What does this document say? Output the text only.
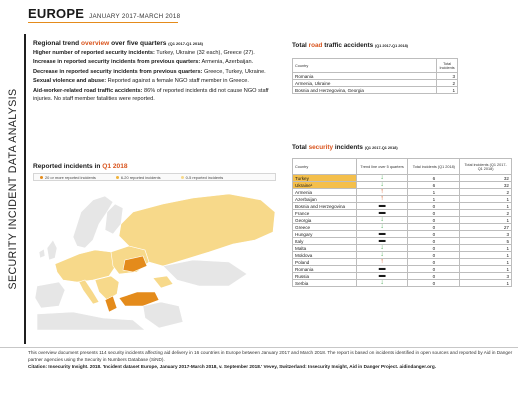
EUROPE JANUARY 2017-MARCH 2018
SECURITY INCIDENT DATA ANALYSIS
Regional trend overview over five quarters (Q1 2017-Q1 2018)
Higher number of reported security incidents: Turkey, Ukraine (32 each), Greece (27).
Increase in reported security incidents from previous quarters: Armenia, Azerbaijan.
Decrease in reported security incidents from previous quarters: Greece, Turkey, Ukraine.
Sexual violence and abuse: Reported against a female NGO staff member in Greece.
Aid-worker-related road traffic accidents: 86% of reported incidents did not cause NGO staff injuries. No staff member fatalities were reported.
Reported incidents in Q1 2018
20 or more reported incidents	6-20 reported incidents	0-5 reported incidents
Total road traffic accidents (Q1 2017-Q1 2018)
Country	Total Incidents
Romania	3
Armenia, Ukraine	2
Bosnia and Herzegovina, Georgia	1
Total security incidents (Q1 2017-Q1 2018)
Country	Trend line over 5 quarters	Total incidents (Q1 2018)	Total incidents (Q1 2017-Q1 2018)
Turkey	↓	6	32
Ukraine¹	↓	6	32
Armenia	↑	1	2
Azerbaijan	↑	1	1
Bosnia and Herzegovina	▬	0	1
France	▬	0	2
Georgia	↓	0	1
Greece	↓	0	27
Hungary	▬	0	3
Italy	▬	0	5
Malta	↓	0	1
Moldova	↓	0	1
Poland	↑	0	1
Romania	▬	0	1
Russia	▬	0	3
Serbia	↓	0	1
This overview document presents 114 security incidents affecting aid delivery in 16 countries in Europe between January 2017 and March 2018. The report is based on incidents identified in open sources and reported by Aid in Danger partner agencies using the Security in Numbers Database (SiND).
Citation: Insecurity Insight. 2018. 'Incident dataset Europe, January 2017-March 2018, v. September 2018.' Vevey, Switzerland: Insecurity Insight, Aid in Danger Project. aidindanger.org.
